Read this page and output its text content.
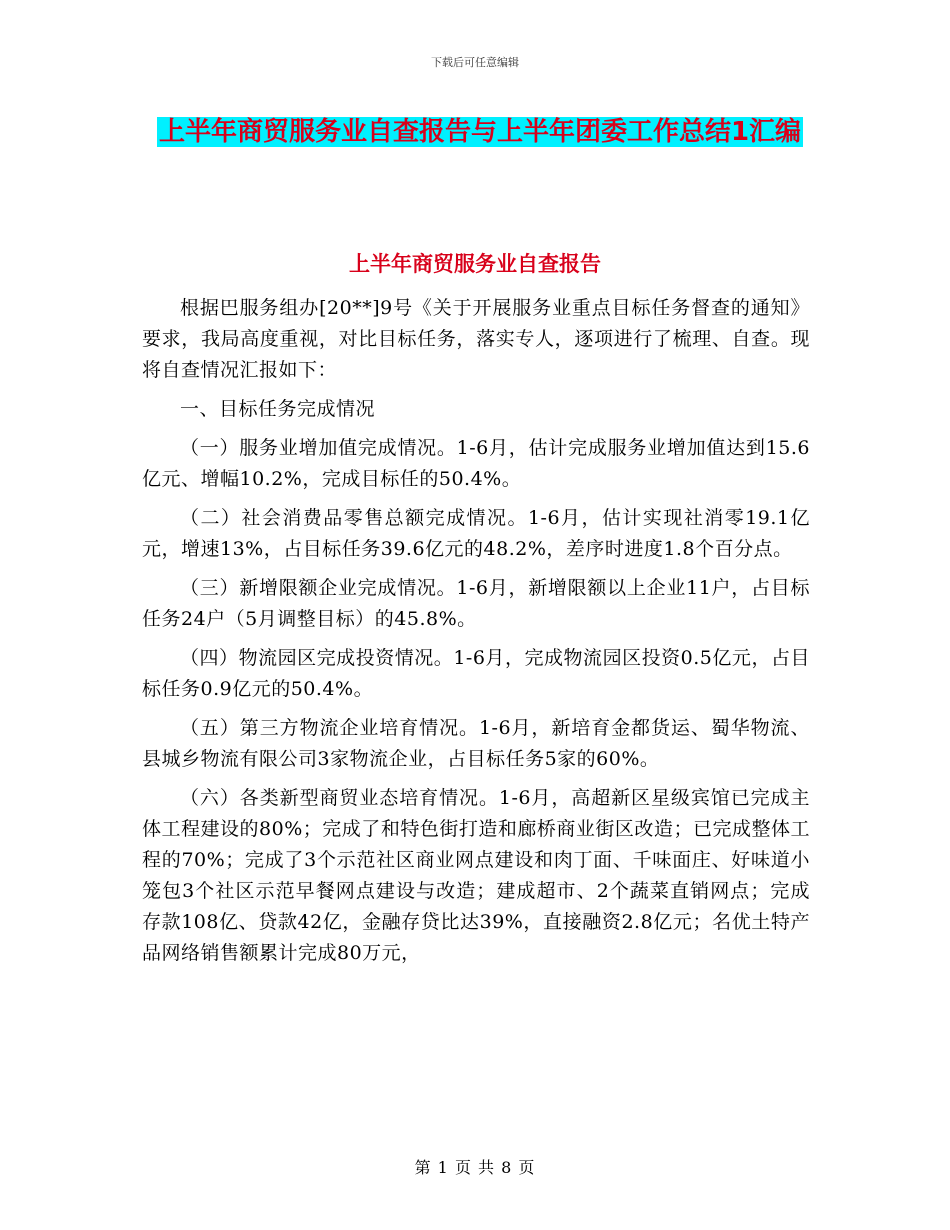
下载后可任意编辑
上半年商贸服务业自查报告与上半年团委工作总结1汇编
上半年商贸服务业自查报告

根据巴服务组办[20**]9号《关于开展服务业重点目标任务督查的通知》要求，我局高度重视，对比目标任务，落实专人，逐项进行了梳理、自查。现将自查情况汇报如下：

一、目标任务完成情况

（一）服务业增加值完成情况。1-6月，估计完成服务业增加值达到15.6亿元、增幅10.2%，完成目标任的50.4%。

（二）社会消费品零售总额完成情况。1-6月，估计实现社消零19.1亿元，增速13%，占目标任务39.6亿元的48.2%，差序时进度1.8个百分点。

（三）新增限额企业完成情况。1-6月，新增限额以上企业11户，占目标任务24户（5月调整目标）的45.8%。

（四）物流园区完成投资情况。1-6月，完成物流园区投资0.5亿元，占目标任务0.9亿元的50.4%。

（五）第三方物流企业培育情况。1-6月，新培育金都货运、蜀华物流、县城乡物流有限公司3家物流企业，占目标任务5家的60%。

（六）各类新型商贸业态培育情况。1-6月，高超新区星级宾馆已完成主体工程建设的80%；完成了和特色街打造和廊桥商业街区改造；已完成整体工程的70%；完成了3个示范社区商业网点建设和肉丁面、千味面庄、好味道小笼包3个社区示范早餐网点建设与改造；建成超市、2个蔬菜直销网点；完成存款108亿、贷款42亿，金融存贷比达39%，直接融资2.8亿元；名优土特产品网络销售额累计完成80万元，

第 1 页 共 8 页
